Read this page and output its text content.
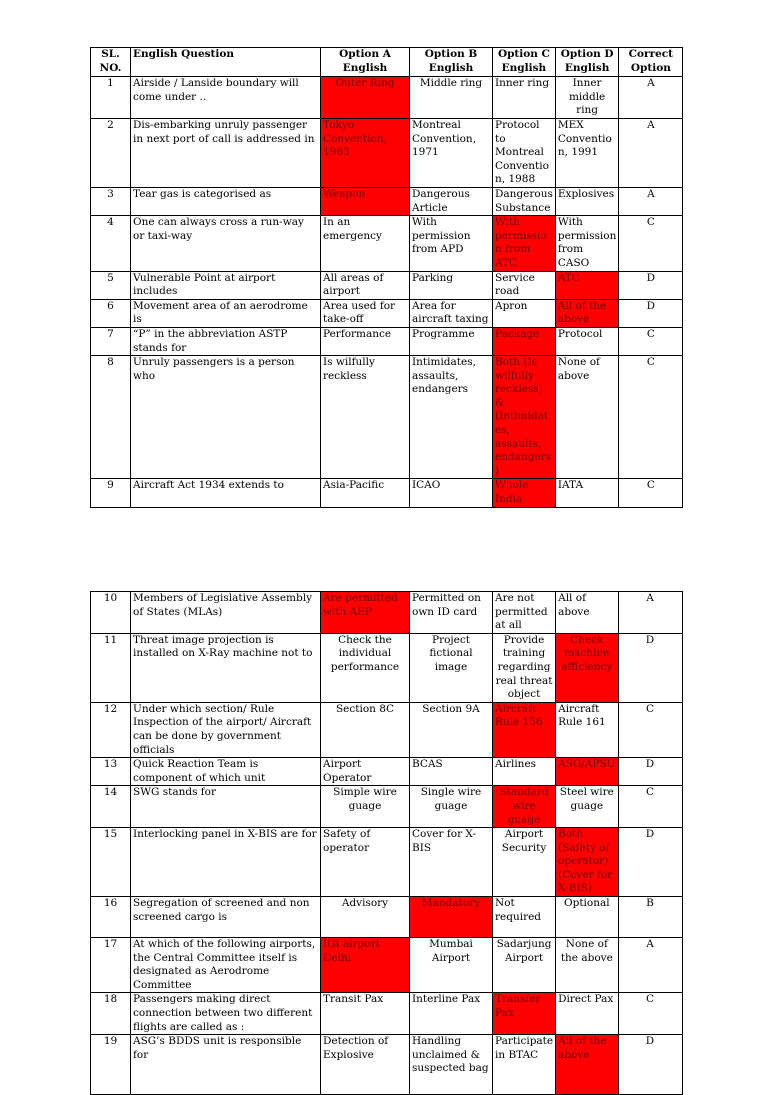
SL. NO.	English Question	Option A English	Option B English	Option C English	Option D English	Correct Option
1	Airside / Lanside boundary will come under ..	Outer Ring	Middle ring	Inner ring	Inner middle ring	A
2	Dis-embarking unruly passenger in next port of call is addressed in	Tokyo Convention, 1963	Montreal Convention, 1971	Protocol to Montreal Conventio n, 1988	MEX Conventio n, 1991	A
3	Tear gas is categorised as	Weapon	Dangerous Article	Dangerous Substance	Explosives	A
4	One can always cross a run-way or taxi-way	In an emergency	With permission from APD	With permissio n from ATC	With permission from CASO	C
5	Vulnerable Point at airport includes	All areas of airport	Parking	Service road	ATC	D
6	Movement area of an aerodrome is	Area used for take-off	Area for aircraft taxing	Apron	All of the above	D
7	“P” in the abbreviation ASTP stands for	Performance	Programme	Package	Protocol	C
8	Unruly passengers is a person who	Is wilfully reckless	Intimidates, assaults, endangers	Both (Is wilfully reckless) & (Intimidat es, assaults, endangers )	None of above	C
9	Aircraft Act 1934 extends to	Asia-Pacific	ICAO	Whole India	IATA	C
10	Members of Legislative Assembly of States (MLAs)	Are permitted with AEP	Permitted on own ID card	Are not permitted at all	All of above	A
11	Threat image projection is installed on X-Ray machine not to	Check the individual performance	Project fictional image	Provide training regarding real threat object	Check machine efficiency	D
12	Under which section/ Rule Inspection of the airport/ Aircraft can be done by government officials	Section 8C	Section 9A	Aircraft Rule 156	Aircraft Rule 161	C
13	Quick Reaction Team is component of which unit	Airport Operator	BCAS	Airlines	ASG/APSU	D
14	SWG stands for	Simple wire guage	Single wire guage	Standard wire guage	Steel wire guage	C
15	Interlocking panel in X-BIS are for	Safety of operator	Cover for X-BIS	Airport Security	Both (Safety of operator) (Cover for X-BIS)	D
16	Segregation of screened and non screened cargo is	Advisory	Mandatory	Not required	Optional	B
17	At which of the following airports, the Central Committee itself is designated as Aerodrome Committee	IGI airport Delhi	Mumbai Airport	Sadarjung Airport	None of the above	A
18	Passengers making direct connection between two different flights are called as :	Transit Pax	Interline Pax	Transfer Pax	Direct Pax	C
19	ASG’s BDDS unit is responsible for	Detection of Explosive	Handling unclaimed & suspected bag	Participate in BTAC	All of the above	D
